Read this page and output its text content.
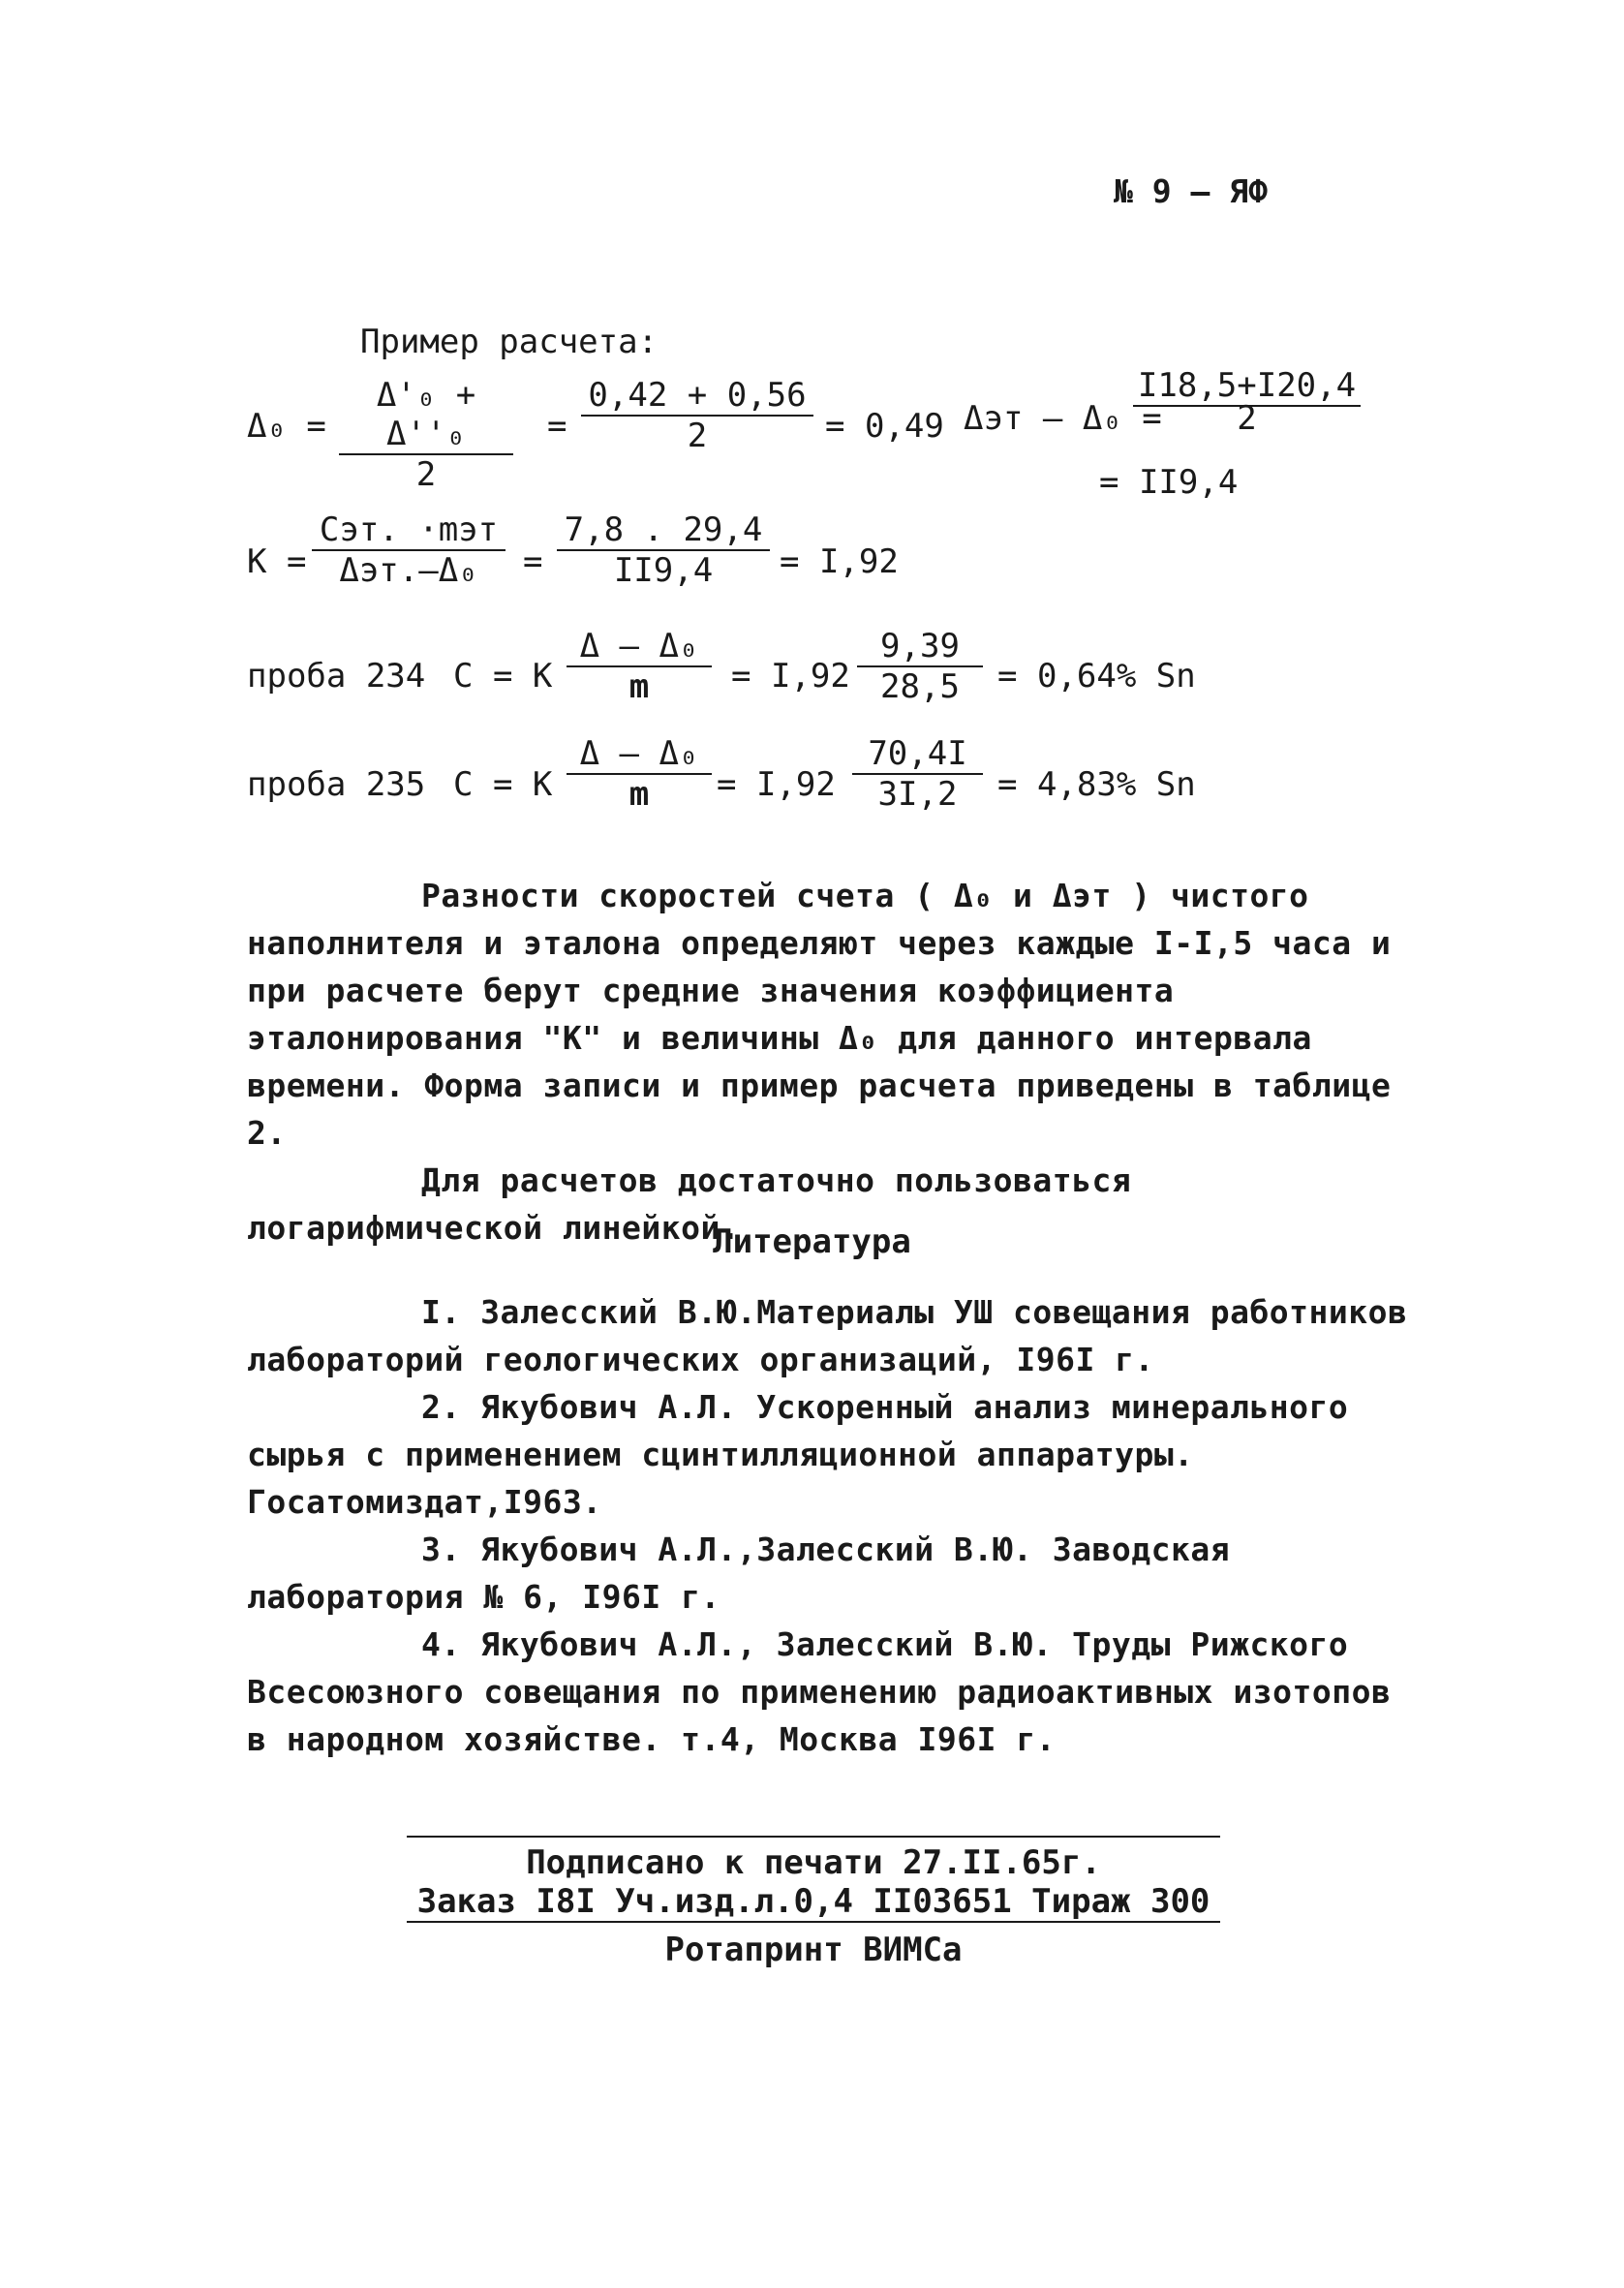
№ 9 – ЯФ
Пример расчета:
Δ₀ =
Δ'₀ + Δ''₀
2
=
0,42 + 0,56
2	= 0,49 Δэт – Δ₀ =
I18,5+I20,4
2
= II9,4
K =
Cэт. ·mэт
Δэт.–Δ₀	=
7,8 . 29,4
II9,4	= I,92
проба 234 C = K
Δ – Δ₀
m	= I,92
9,39
28,5	= 0,64% Sn
проба 235 C = K
Δ – Δ₀
m	= I,92
70,4I
3I,2	= 4,83% Sn

Разности скоростей счета ( Δ₀ и Δэт ) чистого наполнителя и эталона определяют через каждые I-I,5 часа и при расчете берут средние значения коэффициента эталонирования "К" и величины Δ₀ для данного интервала времени. Форма записи и пример расчета приведены в таблице 2.

Для расчетов достаточно пользоваться логарифмической линейкой.

Литература

I. Залесский В.Ю.Материалы УШ совещания работников лабораторий геологических организаций, I96I г.

2. Якубович А.Л. Ускоренный анализ минерального сырья с применением сцинтилляционной аппаратуры. Госатомиздат,I963.

3. Якубович А.Л.,Залесский В.Ю. Заводская лаборатория № 6, I96I г.

4. Якубович А.Л., Залесский В.Ю. Труды Рижского Всесоюзного совещания по применению радиоактивных изотопов в народном хозяйстве. т.4, Москва I96I г.

Подписано к печати 27.II.65г.
Заказ I8I Уч.изд.л.0,4 II03651 Тираж 300
Ротапринт ВИМСа
